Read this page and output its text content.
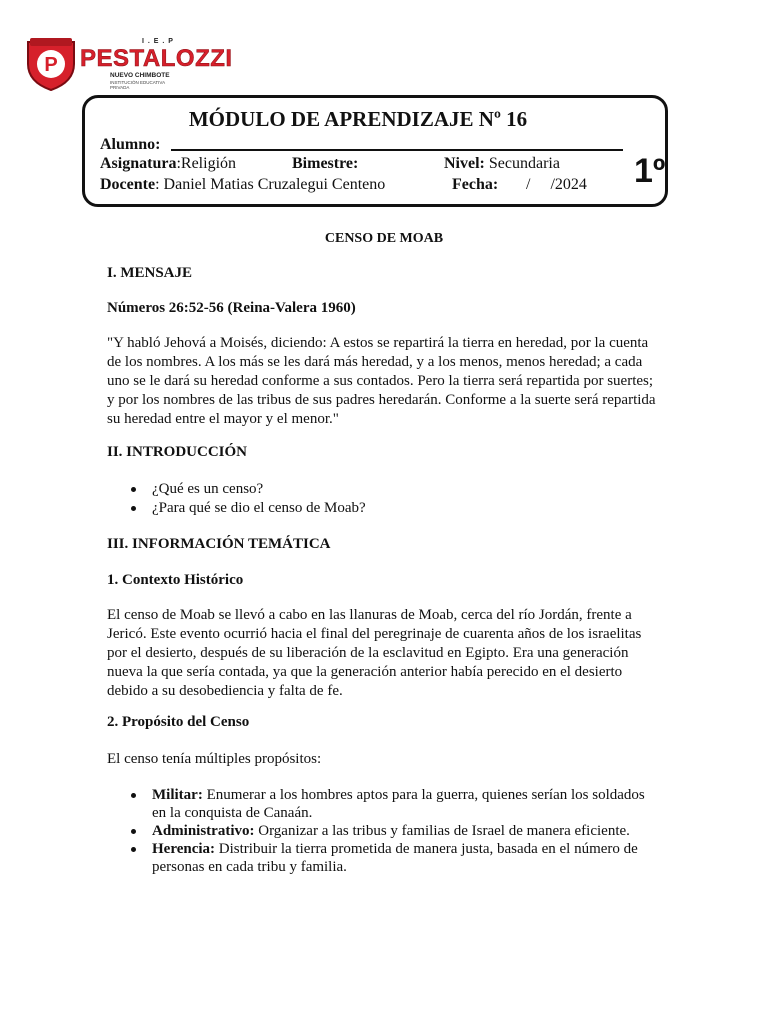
P
I . E . P
PESTALOZZI
NUEVO CHIMBOTE
INSTITUCIÓN EDUCATIVA PRIVADA
MÓDULO DE APRENDIZAJE Nº 16
Alumno:
Asignatura:Religión	Bimestre:	Nivel: Secundaria
Docente: Daniel Matias Cruzalegui Centeno	Fecha: /     /2024 1º
CENSO DE MOAB
I. MENSAJE
Números 26:52-56 (Reina-Valera 1960)
"Y habló Jehová a Moisés, diciendo: A estos se repartirá la tierra en heredad, por la cuenta
de los nombres. A los más se les dará más heredad, y a los menos, menos heredad; a cada
uno se le dará su heredad conforme a sus contados. Pero la tierra será repartida por suertes;
y por los nombres de las tribus de sus padres heredarán. Conforme a la suerte será repartida
su heredad entre el mayor y el menor."
II. INTRODUCCIÓN
¿Qué es un censo?
¿Para qué se dio el censo de Moab?
III. INFORMACIÓN TEMÁTICA
1. Contexto Histórico
El censo de Moab se llevó a cabo en las llanuras de Moab, cerca del río Jordán, frente a
Jericó. Este evento ocurrió hacia el final del peregrinaje de cuarenta años de los israelitas
por el desierto, después de su liberación de la esclavitud en Egipto. Era una generación
nueva la que sería contada, ya que la generación anterior había perecido en el desierto
debido a su desobediencia y falta de fe.
2. Propósito del Censo
El censo tenía múltiples propósitos:
Militar: Enumerar a los hombres aptos para la guerra, quienes serían los soldados
en la conquista de Canaán.
Administrativo: Organizar a las tribus y familias de Israel de manera eficiente.
Herencia: Distribuir la tierra prometida de manera justa, basada en el número de
personas en cada tribu y familia.
